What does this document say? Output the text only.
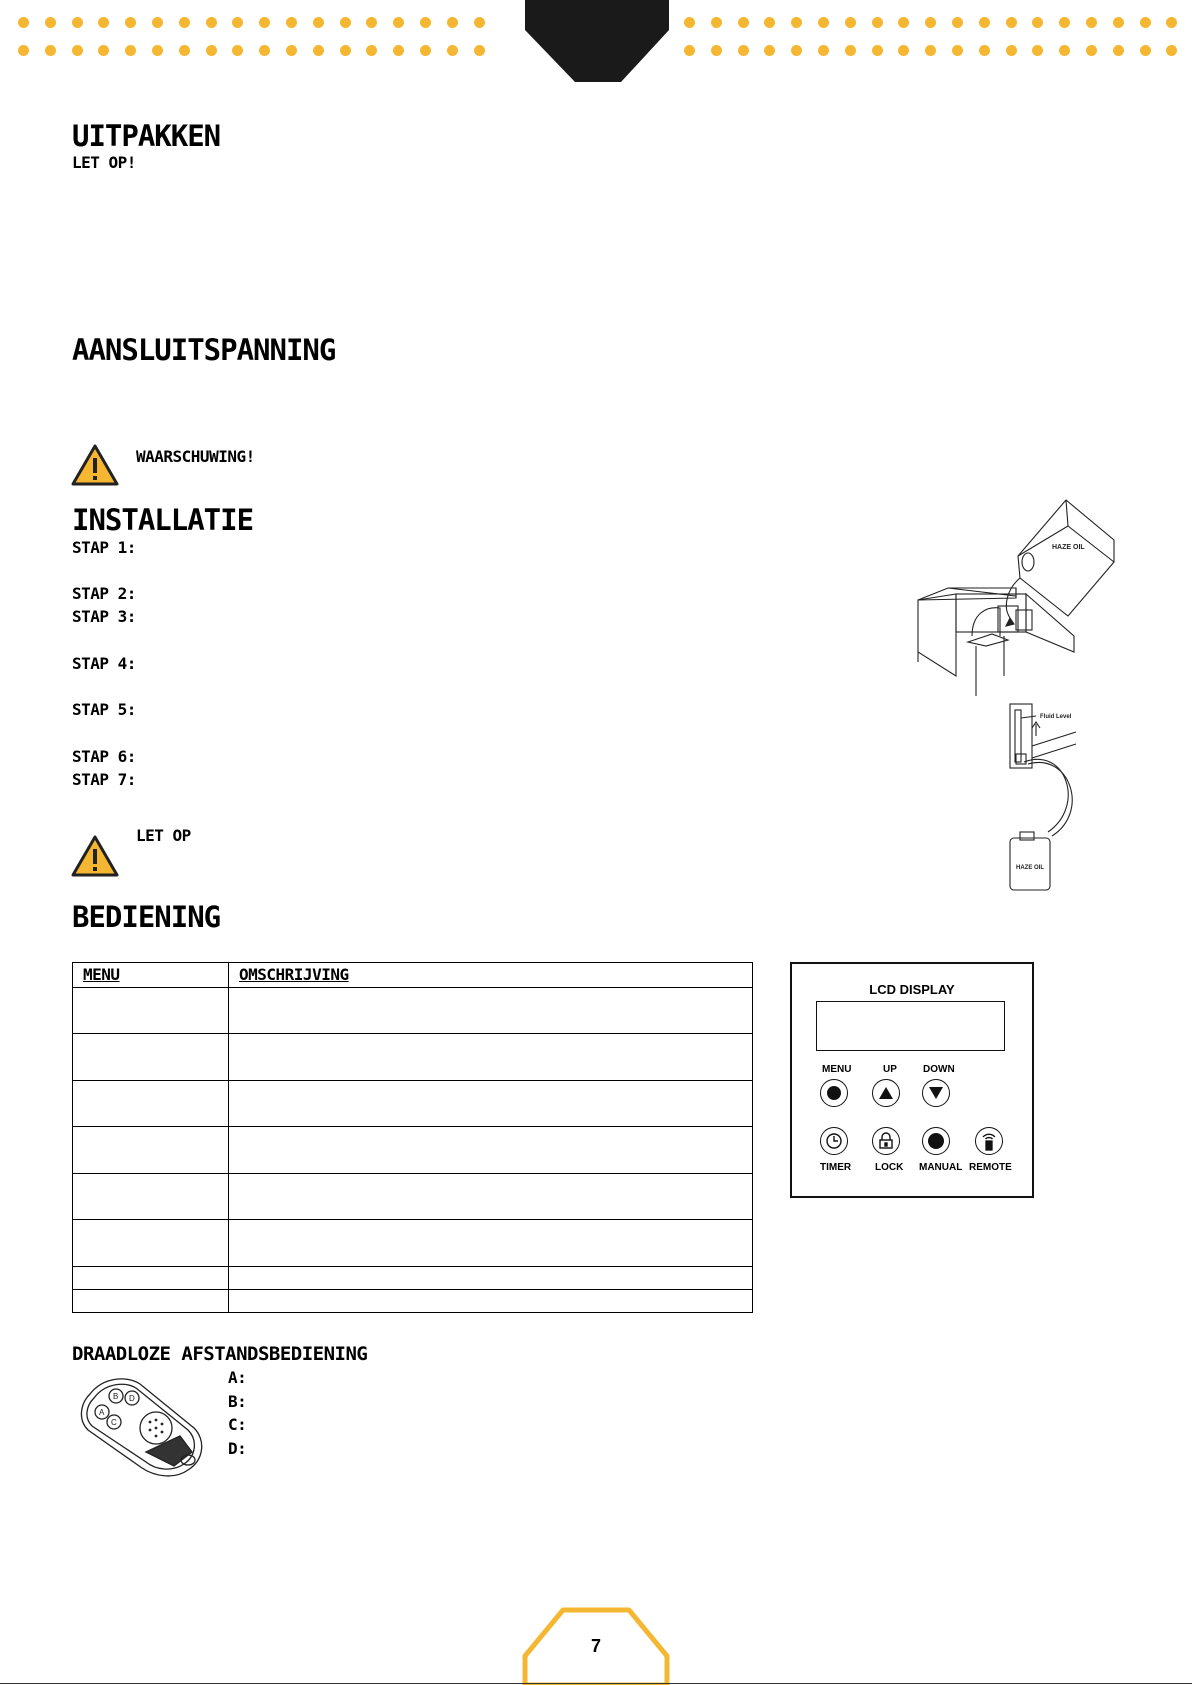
UITPAKKEN
LET OP!
AANSLUITSPANNING
WAARSCHUWING!
INSTALLATIE
STAP 1:
STAP 2:
STAP 3:
STAP 4:
STAP 5:
STAP 6:
STAP 7:
LET OP
HAZE OIL
Fluid Level
HAZE OIL
BEDIENING
MENU	OMSCHRIJVING

LCD DISPLAY
MENU	UP	DOWN
TIMER LOCK MANUAL REMOTE
DRAADLOZE AFSTANDSBEDIENING
A:
B:
C:
D:
A
B D
C
7
